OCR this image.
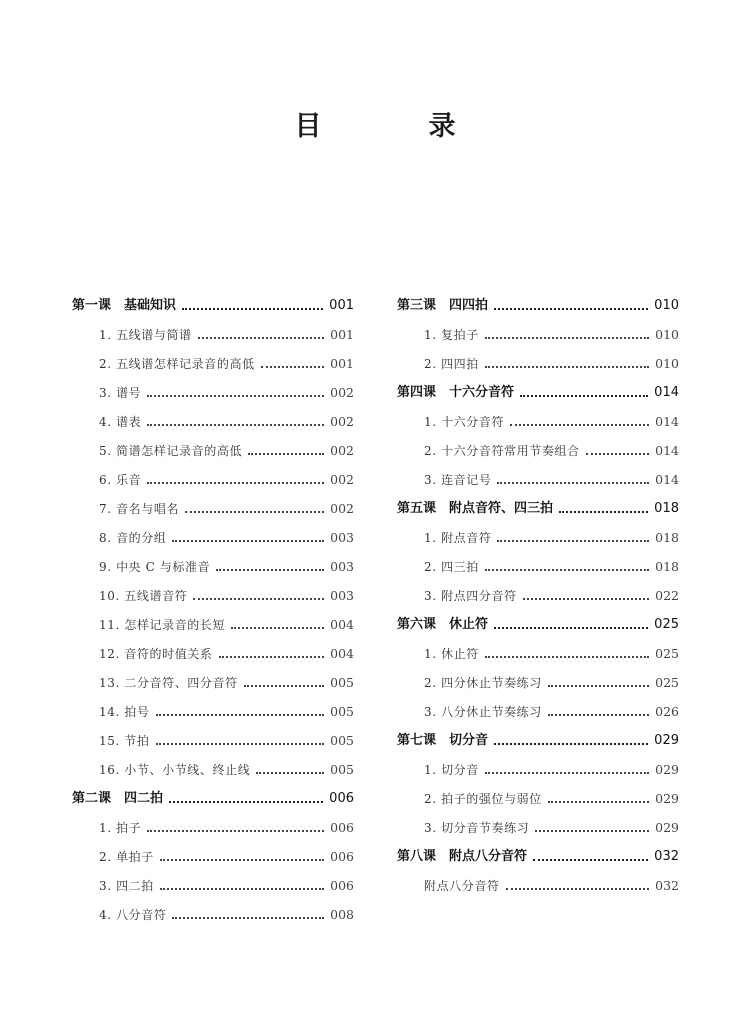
目　录
第一课　基础知识	001
1. 五线谱与简谱	001
2. 五线谱怎样记录音的高低	001
3. 谱号	002
4. 谱表	002
5. 简谱怎样记录音的高低	002
6. 乐音	002
7. 音名与唱名	002
8. 音的分组	003
9. 中央 C 与标准音	003
10. 五线谱音符	003
11. 怎样记录音的长短	004
12. 音符的时值关系	004
13. 二分音符、四分音符	005
14. 拍号	005
15. 节拍	005
16. 小节、小节线、终止线	005
第二课　四二拍	006
1. 拍子	006
2. 单拍子	006
3. 四二拍	006
4. 八分音符	008
第三课　四四拍	010
1. 复拍子	010
2. 四四拍	010
第四课　十六分音符	014
1. 十六分音符	014
2. 十六分音符常用节奏组合	014
3. 连音记号	014
第五课　附点音符、四三拍	018
1. 附点音符	018
2. 四三拍	018
3. 附点四分音符	022
第六课　休止符	025
1. 休止符	025
2. 四分休止节奏练习	025
3. 八分休止节奏练习	026
第七课　切分音	029
1. 切分音	029
2. 拍子的强位与弱位	029
3. 切分音节奏练习	029
第八课　附点八分音符	032
附点八分音符	032
